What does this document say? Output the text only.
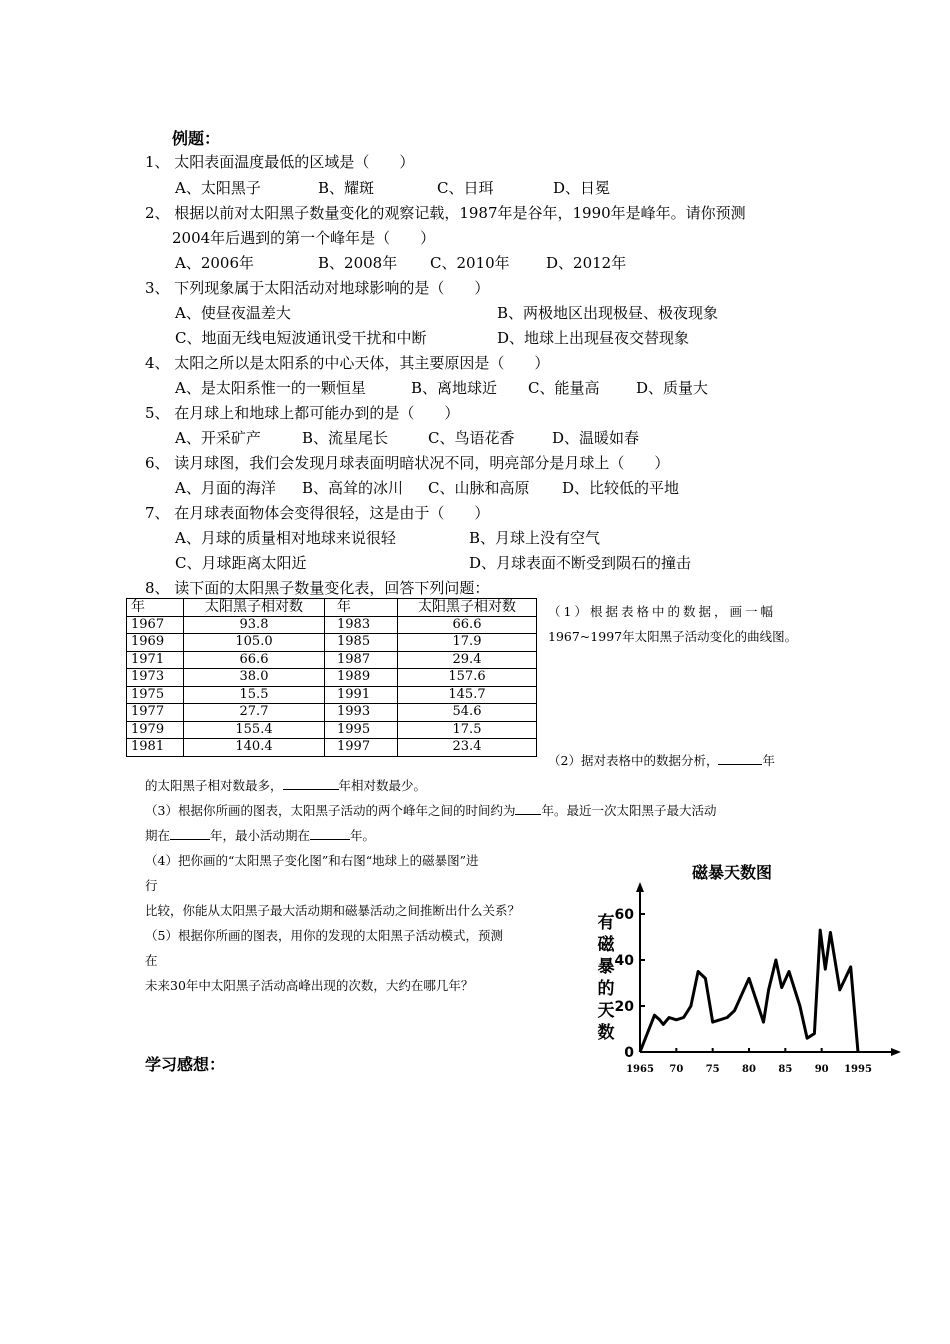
例题：
1、 太阳表面温度最低的区域是（　　）
A、太阳黑子	B、耀斑	C、日珥	D、日冕
2、 根据以前对太阳黑子数量变化的观察记载，1987年是谷年，1990年是峰年。请你预测
2004年后遇到的第一个峰年是（　　）
A、2006年	B、2008年 C、2010年 D、2012年
3、 下列现象属于太阳活动对地球影响的是（　　）
A、使昼夜温差大	B、两极地区出现极昼、极夜现象
C、地面无线电短波通讯受干扰和中断	D、地球上出现昼夜交替现象
4、 太阳之所以是太阳系的中心天体，其主要原因是（　　）
A、是太阳系惟一的一颗恒星	B、离地球近 C、能量高 D、质量大
5、 在月球上和地球上都可能办到的是（　　）
A、开采矿产	B、流星尾长	C、鸟语花香	D、温暖如春
6、 读月球图，我们会发现月球表面明暗状况不同，明亮部分是月球上（　　）
A、月面的海洋 B、高耸的冰川 C、山脉和高原 D、比较低的平地
7、 在月球表面物体会变得很轻，这是由于（　　）
A、月球的质量相对地球来说很轻	B、月球上没有空气
C、月球距离太阳近	D、月球表面不断受到陨石的撞击
8、 读下面的太阳黑子数量变化表，回答下列问题：
年	太阳黑子相对数	年	太阳黑子相对数
1967	93.8	1983	66.6
1969	105.0	1985	17.9
1971	66.6	1987	29.4
1973	38.0	1989	157.6
1975	15.5	1991	145.7
1977	27.7	1993	54.6
1979	155.4	1995	17.5
1981	140.4	1997	23.4
（1）根据表格中的数据，画一幅
1967~1997年太阳黑子活动变化的曲线图。
（2）据对表格中的数据分析，	年
的太阳黑子相对数最多，	年相对数最少。
（3）根据你所画的图表，太阳黑子活动的两个峰年之间的时间约为 年。最近一次太阳黑子最大活动
期在	年，最小活动期在	年。
（4）把你画的“太阳黑子变化图”和右图“地球上的磁暴图”进
行
比较，你能从太阳黑子最大活动期和磁暴活动之间推断出什么关系？
（5）根据你所画的图表，用你的发现的太阳黑子活动模式，预测
在
未来30年中太阳黑子活动高峰出现的次数，大约在哪几年？
学习感想：
磁暴天数图
有
磁
暴
的
天
数
0
20
40
60
1965 70 75 80 85 90 1995
